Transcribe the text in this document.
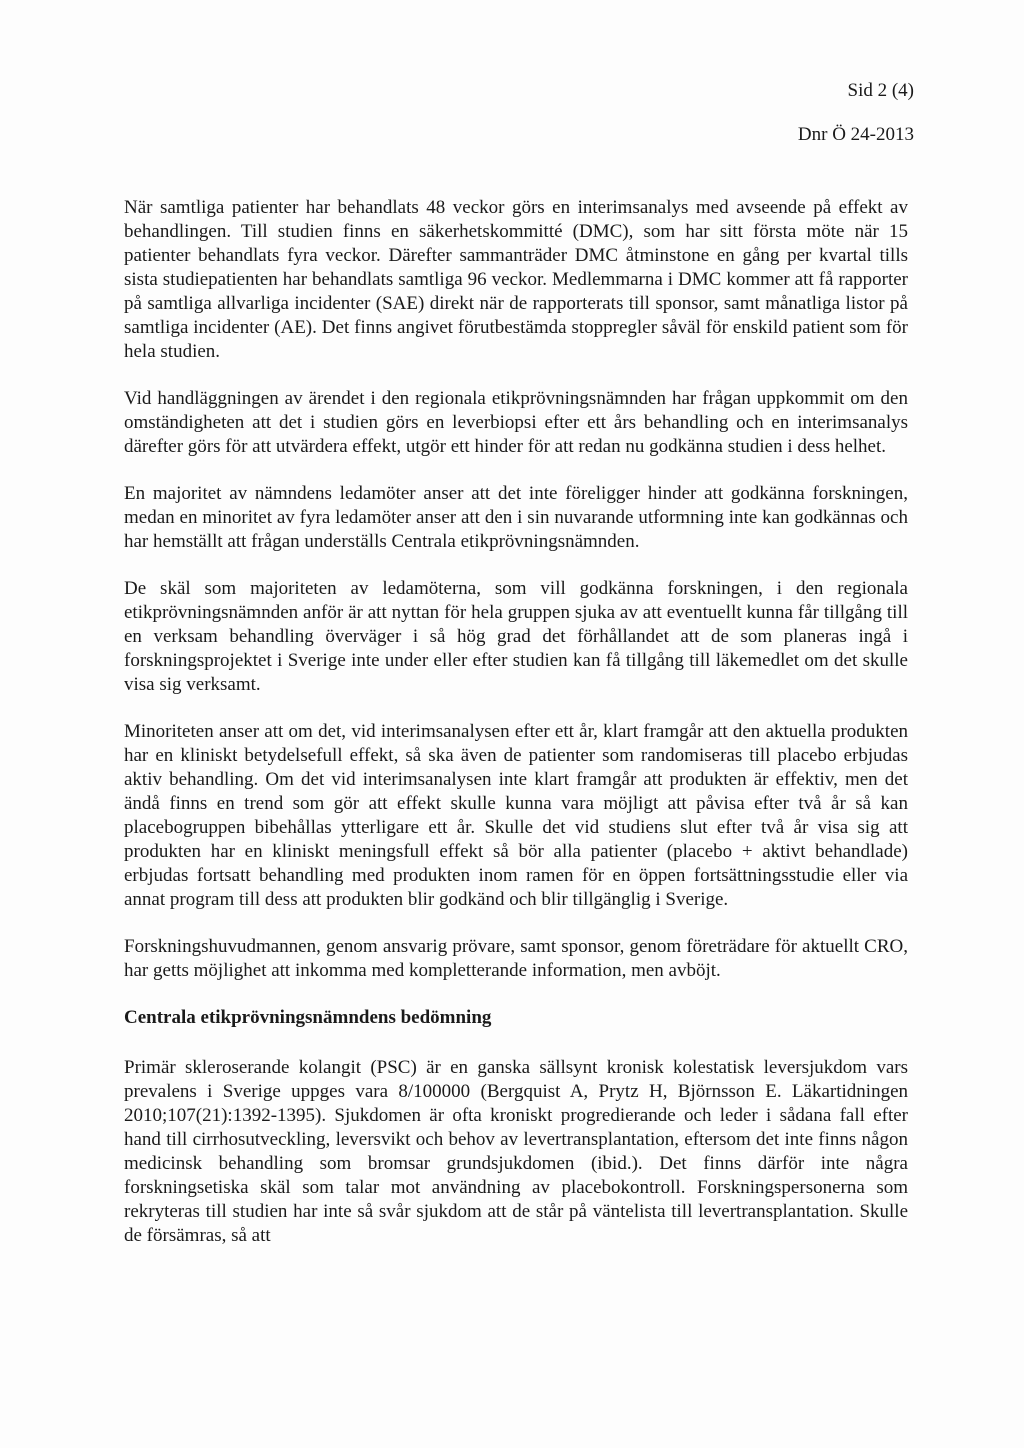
Sid 2 (4)
Dnr Ö 24-2013

När samtliga patienter har behandlats 48 veckor görs en interimsanalys med avseende på effekt av behandlingen. Till studien finns en säkerhetskommitté (DMC), som har sitt första möte när 15 patienter behandlats fyra veckor. Därefter sammanträder DMC åtminstone en gång per kvartal tills sista studiepatienten har behandlats samtliga 96 veckor. Medlemmarna i DMC kommer att få rapporter på samtliga allvarliga incidenter (SAE) direkt när de rapporterats till sponsor, samt månatliga listor på samtliga incidenter (AE). Det finns angivet förutbestämda stoppregler såväl för enskild patient som för hela studien.

Vid handläggningen av ärendet i den regionala etikprövningsnämnden har frågan uppkommit om den omständigheten att det i studien görs en leverbiopsi efter ett års behandling och en interimsanalys därefter görs för att utvärdera effekt, utgör ett hinder för att redan nu godkänna studien i dess helhet.

En majoritet av nämndens ledamöter anser att det inte föreligger hinder att godkänna forskningen, medan en minoritet av fyra ledamöter anser att den i sin nuvarande utformning inte kan godkännas och har hemställt att frågan underställs Centrala etikprövningsnämnden.

De skäl som majoriteten av ledamöterna, som vill godkänna forskningen, i den regionala etikprövningsnämnden anför är att nyttan för hela gruppen sjuka av att eventuellt kunna får tillgång till en verksam behandling överväger i så hög grad det förhållandet att de som planeras ingå i forskningsprojektet i Sverige inte under eller efter studien kan få tillgång till läkemedlet om det skulle visa sig verksamt.

Minoriteten anser att om det, vid interimsanalysen efter ett år, klart framgår att den aktuella produkten har en kliniskt betydelsefull effekt, så ska även de patienter som randomiseras till placebo erbjudas aktiv behandling. Om det vid interimsanalysen inte klart framgår att produkten är effektiv, men det ändå finns en trend som gör att effekt skulle kunna vara möjligt att påvisa efter två år så kan placebogruppen bibehållas ytterligare ett år. Skulle det vid studiens slut efter två år visa sig att produkten har en kliniskt meningsfull effekt så bör alla patienter (placebo + aktivt behandlade) erbjudas fortsatt behandling med produkten inom ramen för en öppen fortsättningsstudie eller via annat program till dess att produkten blir godkänd och blir tillgänglig i Sverige.

Forskningshuvudmannen, genom ansvarig prövare, samt sponsor, genom företrädare för aktuellt CRO, har getts möjlighet att inkomma med kompletterande information, men avböjt.

Centrala etikprövningsnämndens bedömning

Primär skleroserande kolangit (PSC) är en ganska sällsynt kronisk kolestatisk leversjukdom vars prevalens i Sverige uppges vara 8/100000 (Bergquist A, Prytz H, Björnsson E. Läkartidningen 2010;107(21):1392-1395). Sjukdomen är ofta kroniskt progredierande och leder i sådana fall efter hand till cirrhosutveckling, leversvikt och behov av levertransplantation, eftersom det inte finns någon medicinsk behandling som bromsar grundsjukdomen (ibid.). Det finns därför inte några forskningsetiska skäl som talar mot användning av placebokontroll. Forskningspersonerna som rekryteras till studien har inte så svår sjukdom att de står på väntelista till levertransplantation. Skulle de försämras, så att
